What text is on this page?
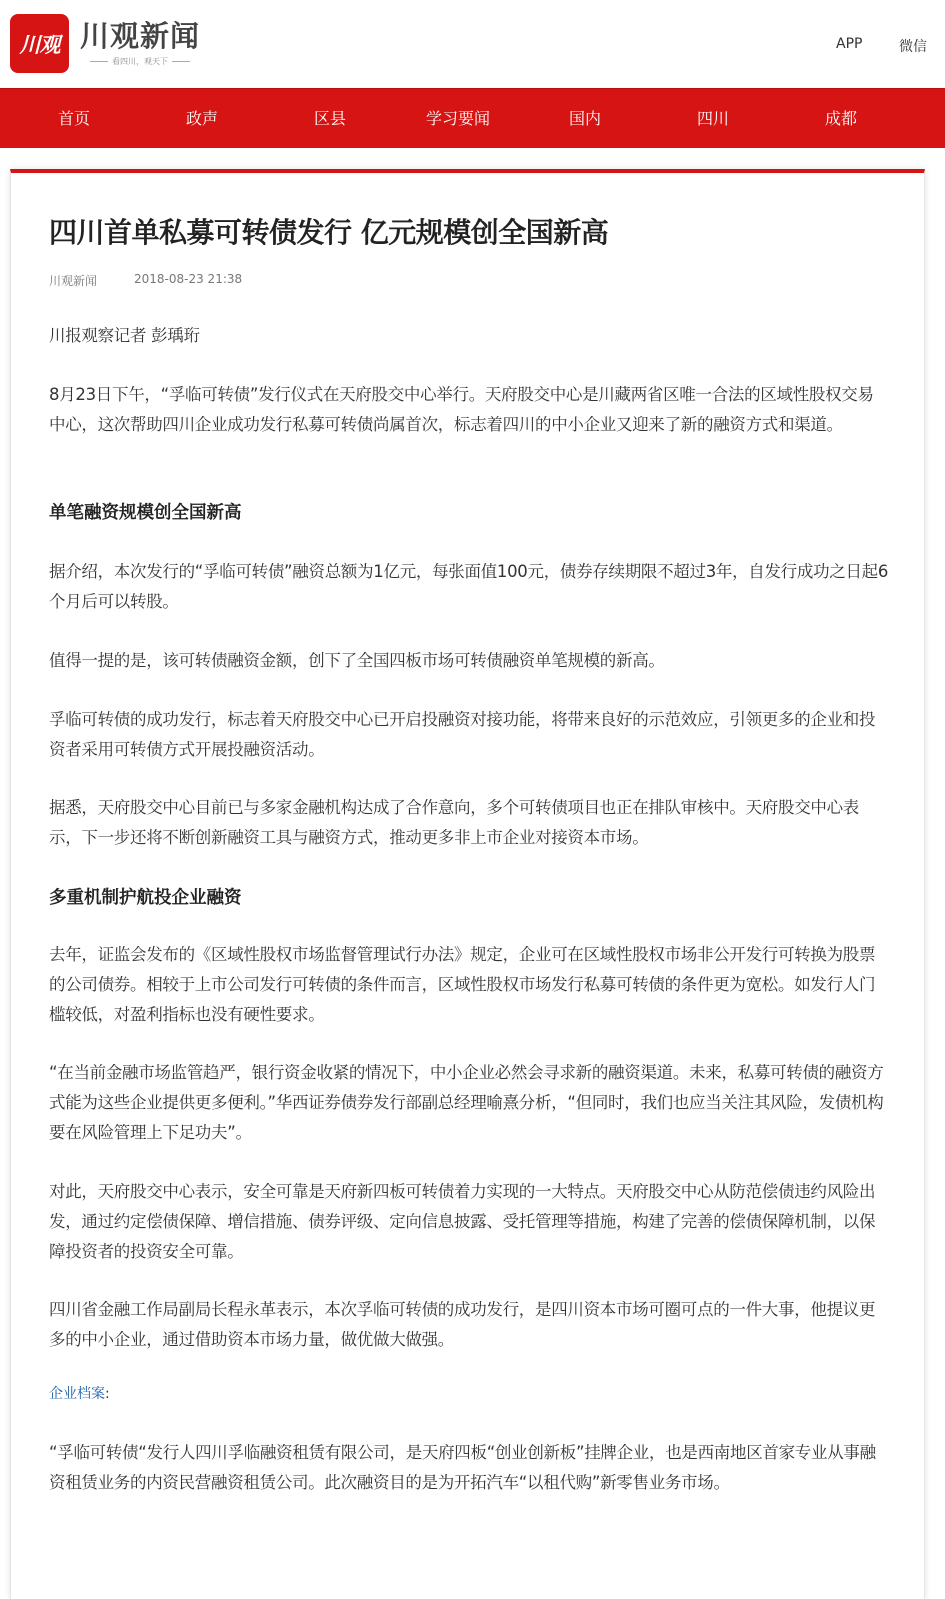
川观 川观新闻
看四川，观天下
APP	微信
首页	政声	区县	学习要闻	国内	四川	成都
四川首单私募可转债发行 亿元规模创全国新高
川观新闻	2018-08-23 21:38

川报观察记者 彭瑀珩

8月23日下午，“孚临可转债”发行仪式在天府股交中心举行。天府股交中心是川藏两省区唯一合法的区域性股权交易中心，这次帮助四川企业成功发行私募可转债尚属首次，标志着四川的中小企业又迎来了新的融资方式和渠道。

单笔融资规模创全国新高

据介绍，本次发行的“孚临可转债”融资总额为1亿元，每张面值100元，债券存续期限不超过3年，自发行成功之日起6个月后可以转股。

值得一提的是，该可转债融资金额，创下了全国四板市场可转债融资单笔规模的新高。

孚临可转债的成功发行，标志着天府股交中心已开启投融资对接功能，将带来良好的示范效应，引领更多的企业和投资者采用可转债方式开展投融资活动。

据悉，天府股交中心目前已与多家金融机构达成了合作意向，多个可转债项目也正在排队审核中。天府股交中心表示，下一步还将不断创新融资工具与融资方式，推动更多非上市企业对接资本市场。

多重机制护航投企业融资

去年，证监会发布的《区域性股权市场监督管理试行办法》规定，企业可在区域性股权市场非公开发行可转换为股票的公司债券。相较于上市公司发行可转债的条件而言，区域性股权市场发行私募可转债的条件更为宽松。如发行人门槛较低，对盈利指标也没有硬性要求。

“在当前金融市场监管趋严，银行资金收紧的情况下，中小企业必然会寻求新的融资渠道。未来，私募可转债的融资方式能为这些企业提供更多便利。”华西证券债券发行部副总经理喻熹分析，“但同时，我们也应当关注其风险，发债机构要在风险管理上下足功夫”。

对此，天府股交中心表示，安全可靠是天府新四板可转债着力实现的一大特点。天府股交中心从防范偿债违约风险出发，通过约定偿债保障、增信措施、债券评级、定向信息披露、受托管理等措施，构建了完善的偿债保障机制，以保障投资者的投资安全可靠。

四川省金融工作局副局长程永革表示，本次孚临可转债的成功发行，是四川资本市场可圈可点的一件大事，他提议更多的中小企业，通过借助资本市场力量，做优做大做强。

企业档案:

“孚临可转债“发行人四川孚临融资租赁有限公司，是天府四板“创业创新板”挂牌企业，也是西南地区首家专业从事融资租赁业务的内资民营融资租赁公司。此次融资目的是为开拓汽车“以租代购”新零售业务市场。
